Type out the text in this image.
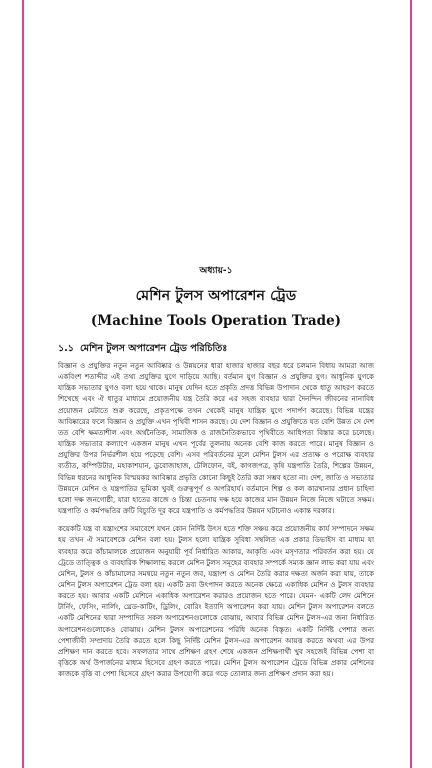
অধ্যায়-১

মেশিন টুলস অপারেশন ট্রেড

(Machine Tools Operation Trade)

১.১ মেশিন টুলস অপারেশন ট্রেড পরিচিতিঃ

বিজ্ঞান ও প্রযুক্তির নতুন নতুন আবিষ্কার ও উন্নয়নের ধারা হাজার হাজার বছর ধরে চলমান বিধায় আমরা আজ একবিংশ শতাব্দীর এই তথ্য প্রযুক্তির যুগে দাড়িয়ে আছি। বর্তমান যুগ বিজ্ঞান ও প্রযুক্তির যুগ। আধুনিক যুগকে যান্ত্রিক সভ্যতার যুগও বলা হয়ে থাকে। মানুষ যেদিন হতে প্রকৃতি প্রদত্ত বিভিন্ন উপাদান থেকে ধাতু আহরণ করতে শিখেছে এবং ঐ ধাতুর মাধ্যমে প্রয়োজনীয় যন্ত্র তৈরি করে এর সহজ ব্যবহার দ্বারা দৈনন্দিন জীবনের নানাবিধ প্রয়োজন মেটাতে শুরু করেছে, প্রকৃতপক্ষে তখন থেকেই মানুষ যান্ত্রিক যুগে পদার্পণ করেছে। বিভিন্ন যন্ত্রের আবিষ্কারের ফলে বিজ্ঞান ও প্রযুক্তি এখন পৃথিবী শাসন করছে। যে দেশ বিজ্ঞান ও প্রযুক্তিতে যত বেশি উন্নত সে দেশ তত বেশি ক্ষমতাশীল এবং অর্থনৈতিক, সামাজিক ও রাজনৈতিকভাবে পৃথিবীতে আধিপত্য বিস্তার করে চলেছে। যান্ত্রিক সভ্যতার কল্যাণে একজন মানুষ এখন পূর্বের তুলনায় অনেক বেশি কাজ করতে পারে। মানুষ বিজ্ঞান ও প্রযুক্তির উপর নির্ভরশীল হয়ে পড়েছে বেশি। এসব পরিবর্তনের মূলে মেশিন টুলস এর প্রত্যক্ষ ও পরোক্ষ ব্যবহার ব্যতীত, কম্পিউটার, মহাকাশযান, ডুবোজাহাজ, টেলিফোন, বই, কাগজপত্র, কৃষি যন্ত্রপাতি তৈরি, শিল্পের উন্নয়ন, বিভিন্ন ধরনের আধুনিক বিস্ময়কর আবিষ্কার প্রভৃতি কোনো কিছুই তৈরি করা সম্ভব হতো না। দেশ, জাতি ও সভ্যতার উন্নয়নে মেশিন ও যন্ত্রপাতির ভূমিকা খুবই গুরুত্বপূর্ণ ও অপরিহার্য। বর্তমানে শিল্প ও কল কারখানার প্রধান চাহিদা হলো দক্ষ জনগোষ্ঠী, যারা হাতের কাজে ও চিন্তা চেতনায় দক্ষ হয়ে কাজের মান উন্নয়ন নিজে নিজে ঘটাতে সক্ষম। যন্ত্রপাতি ও কর্মপদ্ধতির ক্রটি বিচ্যুতি দূর করে যন্ত্রপাতি ও কর্মপদ্ধতির উন্নয়ন ঘটানোও একান্ত দরকার।

কয়েকটি যন্ত্র বা যন্ত্রাংশের সমাবেশে যখন কোন নির্দিষ্ট উৎস হতে শক্তি সঞ্চয় করে প্রয়োজনীয় কার্য সম্পাদনে সক্ষম হয় তখন ঐ সমাবেশকে মেশিন বলা হয়। টুলস হলো যান্ত্রিক সুবিধা সম্বলিত এক প্রকার ডিভাইস বা মাধ্যম যা ব্যবহার করে কাঁচামালকে প্রয়োজন অনুযায়ী পূর্ব নির্ধারিত আকার, আকৃতি এবং মসৃণতার পরিবর্তন করা হয়। যে ট্রেডে তাত্ত্বিক ও ব্যবহারিক শিক্ষালাভ করলে মেশিন টুলস সমূহের ব্যবহার সম্পর্কে সম্যক জ্ঞান লাভ করা যায় এবং মেশিন, টুলস ও কাঁচামালের সমন্বয়ে নতুন নতুন জব, যন্ত্রাংশ ও মেশিন তৈরি করার দক্ষতা অর্জন করা যায়, তাকে মেশিন টুলস অপারেশন ট্রেড বলা হয়। একটি দ্রব্য উৎপাদন করতে অনেক ক্ষেত্রে একাধিক মেশিন ও টুলস ব্যবহার করতে হয়। আবার একটি মেশিনে একাধিক অপারেশন করারও প্রয়োজন হতে পারে। যেমন- একটি লেদ মেশিনে টার্নিং, ফেসিং, নার্লিং, থ্রেড-কাটিং, ড্রিলিং, বোরিং ইত্যাদি অপারেশন করা যায়। মেশিন টুলস অপারেশন বলতে একটি মেশিনের দ্বারা সম্পাদিত সকল অপারেশনগুলোকে বোঝায়, আবার বিভিন্ন মেশিন টুলস-এর জন্য নির্ধারিত অপারেশনগুলোকেও বোঝায়। মেশিন টুলস অপারেশনের পরিধি অনেক বিস্তৃত। একটি নির্দিষ্ট পেশার জন্য পেশাজীবী সম্প্রদায় তৈরি করতে হলে কিছু নির্দিষ্ট মেশিন টুলস-এর অপারেশন আয়ত্ত করতে অথবা এর উপর প্রশিক্ষণ দান করতে হবে। সফলতার সাথে প্রশিক্ষণ গ্রহণ শেষে একজন প্রশিক্ষণার্থী খুব সহজেই বিভিন্ন পেশা বা বৃত্তিকে অর্থ উপার্জনের মাধ্যম হিসেবে গ্রহণ করতে পারে। মেশিন টুলস অপারেশন ট্রেডে বিভিন্ন প্রকার মেশিনের কাজকে বৃত্তি বা পেশা হিসেবে গ্রহণ করার উপযোগী করে গড়ে তোলার জন্য প্রশিক্ষণ প্রদান করা হয়।
